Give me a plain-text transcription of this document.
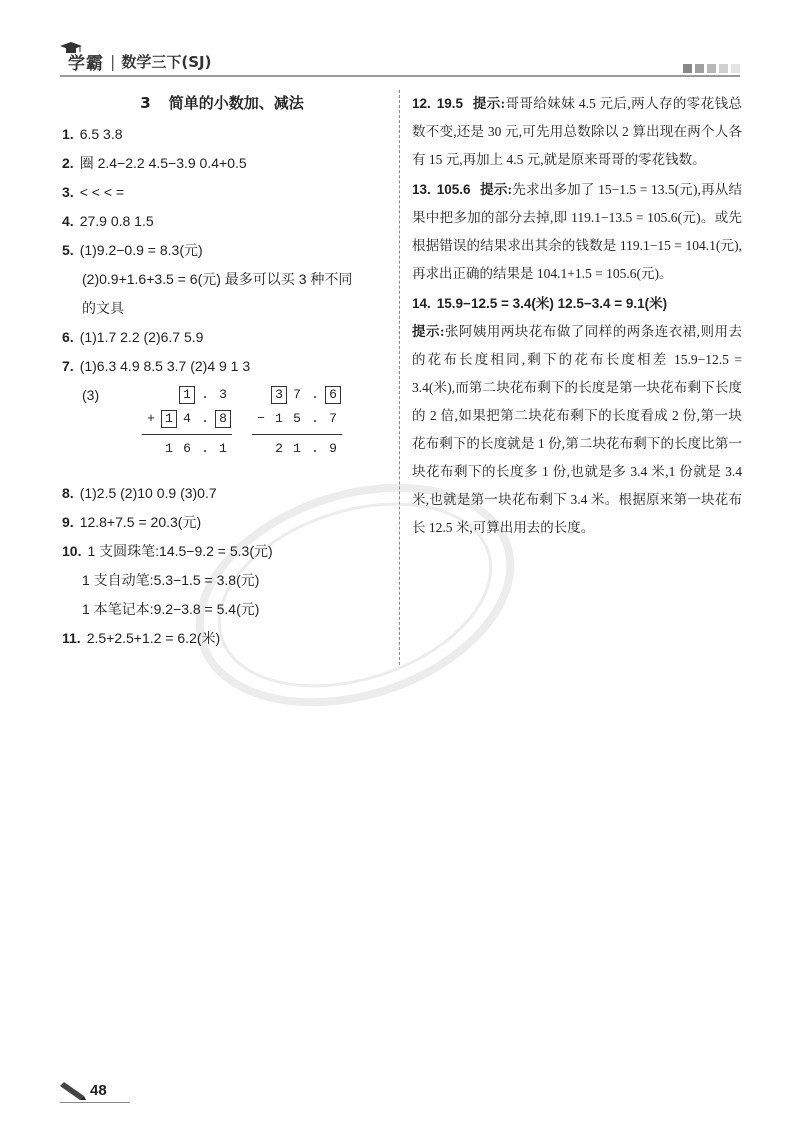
学霸 | 数学三下(SJ)
3 简单的小数加、减法
1. 6.5 3.8
2. 圈 2.4−2.2 4.5−3.9 0.4+0.5
3. < < < =
4. 27.9 0.8 1.5
5. (1)9.2−0.9 = 8.3(元)
(2)0.9+1.6+3.5 = 6(元) 最多可以买 3 种不同
的文具
6. (1)1.7 2.2 (2)6.7 5.9
7. (1)6.3 4.9 8.5 3.7 (2)4 9 1 3
(3)	1 . 3
+ 1 4 . 8
1 6 . 1
3 7 . 6
− 1 5 . 7
2 1 . 9
8. (1)2.5 (2)10 0.9 (3)0.7
9. 12.8+7.5 = 20.3(元)
10. 1 支圆珠笔:14.5−9.2 = 5.3(元)
1 支自动笔:5.3−1.5 = 3.8(元)
1 本笔记本:9.2−3.8 = 5.4(元)
11. 2.5+2.5+1.2 = 6.2(米)
12. 19.5 提示:哥哥给妹妹 4.5 元后,两人存的零花钱总数不变,还是 30 元,可先用总数除以 2 算出现在两个人各有 15 元,再加上 4.5 元,就是原来哥哥的零花钱数。
13. 105.6 提示:先求出多加了 15−1.5 = 13.5(元),再从结果中把多加的部分去掉,即 119.1−13.5 = 105.6(元)。或先根据错误的结果求出其余的钱数是 119.1−15 = 104.1(元),再求出正确的结果是 104.1+1.5 = 105.6(元)。
14. 15.9−12.5 = 3.4(米) 12.5−3.4 = 9.1(米)
提示:张阿姨用两块花布做了同样的两条连衣裙,则用去的花布长度相同,剩下的花布长度相差 15.9−12.5 = 3.4(米),而第二块花布剩下的长度是第一块花布剩下长度的 2 倍,如果把第二块花布剩下的长度看成 2 份,第一块花布剩下的长度就是 1 份,第二块花布剩下的长度比第一块花布剩下的长度多 1 份,也就是多 3.4 米,1 份就是 3.4 米,也就是第一块花布剩下 3.4 米。根据原来第一块花布长 12.5 米,可算出用去的长度。
48
